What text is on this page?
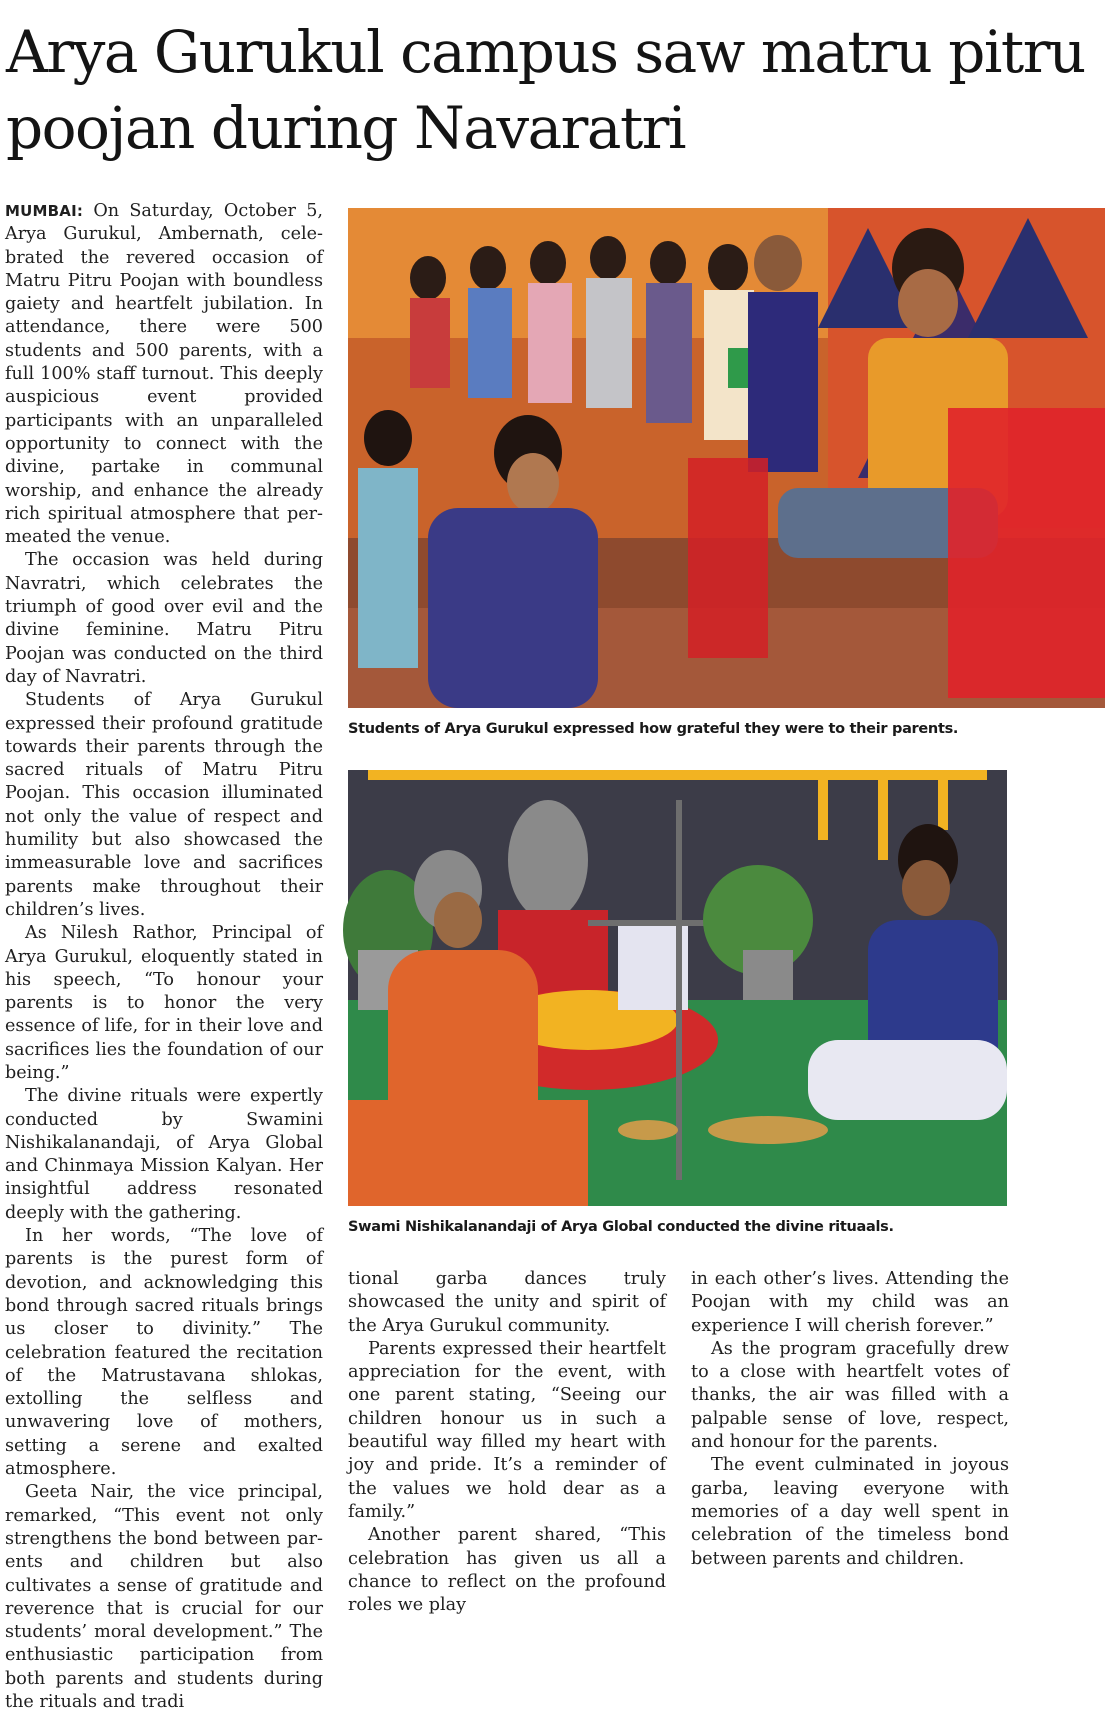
Arya Gurukul campus saw matru pitru poojan during Navaratri

MUMBAI: On Saturday, October 5, Arya Gurukul, Ambernath, celebrated the revered occasion of Matru Pitru Poojan with boundless gaiety and heartfelt jubilation. In attendance, there were 500 students and 500 parents, with a full 100% staff turnout. This deeply auspicious event provided participants with an unparalleled opportunity to connect with the divine, partake in communal worship, and enhance the already rich spiritual atmosphere that permeated the venue.

The occasion was held during Navratri, which celebrates the triumph of good over evil and the divine feminine. Matru Pitru Poojan was conducted on the third day of Navratri.

Students of Arya Gurukul expressed their profound gratitude towards their parents through the sacred rituals of Matru Pitru Poojan. This occasion illuminated not only the value of respect and humility but also showcased the immeasurable love and sacrifices parents make throughout their children’s lives.

As Nilesh Rathor, Principal of Arya Gurukul, eloquently stated in his speech, “To honour your parents is to honor the very essence of life, for in their love and sacrifices lies the foundation of our being.”

The divine rituals were expertly conducted by Swamini Nishikalanandaji, of Arya Global and Chinmaya Mission Kalyan. Her insightful address resonated deeply with the gathering.

In her words, “The love of parents is the purest form of devotion, and acknowledging this bond through sacred rituals brings us closer to divinity.” The celebration featured the recitation of the Matrustavana shlokas, extolling the selfless and unwavering love of mothers, setting a serene and exalted atmosphere.

Geeta Nair, the vice principal, remarked, “This event not only strengthens the bond between parents and children but also cultivates a sense of gratitude and reverence that is crucial for our students’ moral development.” The enthusiastic participation from both parents and students during the rituals and tradi

Students of Arya Gurukul expressed how grateful they were to their parents.
Swami Nishikalanandaji of Arya Global conducted the divine rituaals.

tional garba dances truly showcased the unity and spirit of the Arya Gurukul community.

Parents expressed their heartfelt appreciation for the event, with one parent stating, “Seeing our children honour us in such a beautiful way filled my heart with joy and pride. It’s a reminder of the values we hold dear as a family.”

Another parent shared, “This celebration has given us all a chance to reflect on the profound roles we play

in each other’s lives. Attending the Poojan with my child was an experience I will cherish forever.”

As the program gracefully drew to a close with heartfelt votes of thanks, the air was filled with a palpable sense of love, respect, and honour for the parents.

The event culminated in joyous garba, leaving everyone with memories of a day well spent in celebration of the timeless bond between parents and children.
